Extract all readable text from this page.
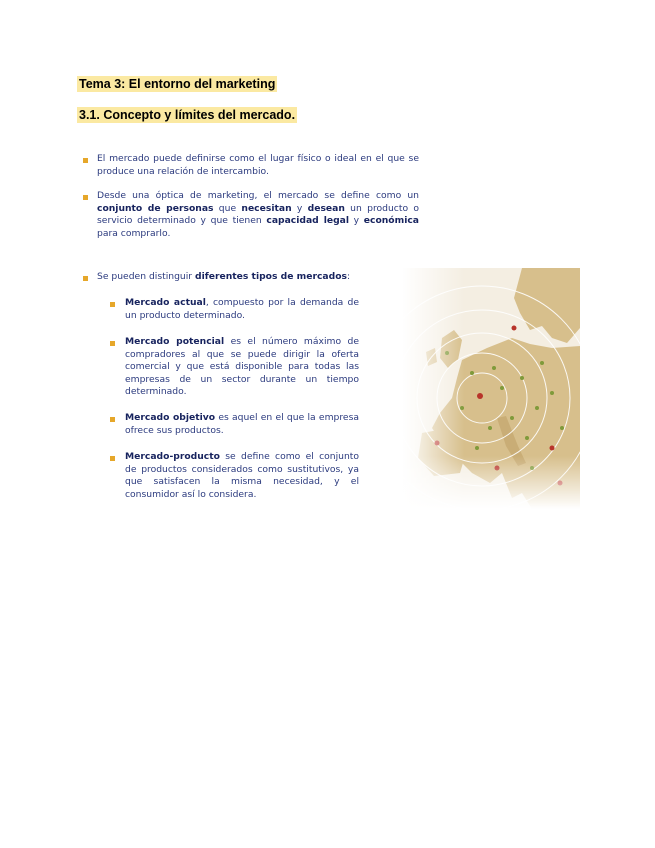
Tema 3: El entorno del marketing
3.1. Concepto y límites del mercado.
El mercado puede definirse como el lugar físico o ideal en el que se produce una relación de intercambio.
Desde una óptica de marketing, el mercado se define como un conjunto de personas que necesitan y desean un producto o servicio determinado y que tienen capacidad legal y económica para comprarlo.
Se pueden distinguir diferentes tipos de mercados:
Mercado actual, compuesto por la demanda de un producto determinado.
Mercado potencial es el número máximo de compradores al que se puede dirigir la oferta comercial y que está disponible para todas las empresas de un sector durante un tiempo determinado.
Mercado objetivo es aquel en el que la empresa ofrece sus productos.
Mercado-producto se define como el conjunto de productos considerados como sustitutivos, ya que satisfacen la misma necesidad, y el consumidor así lo considera.
